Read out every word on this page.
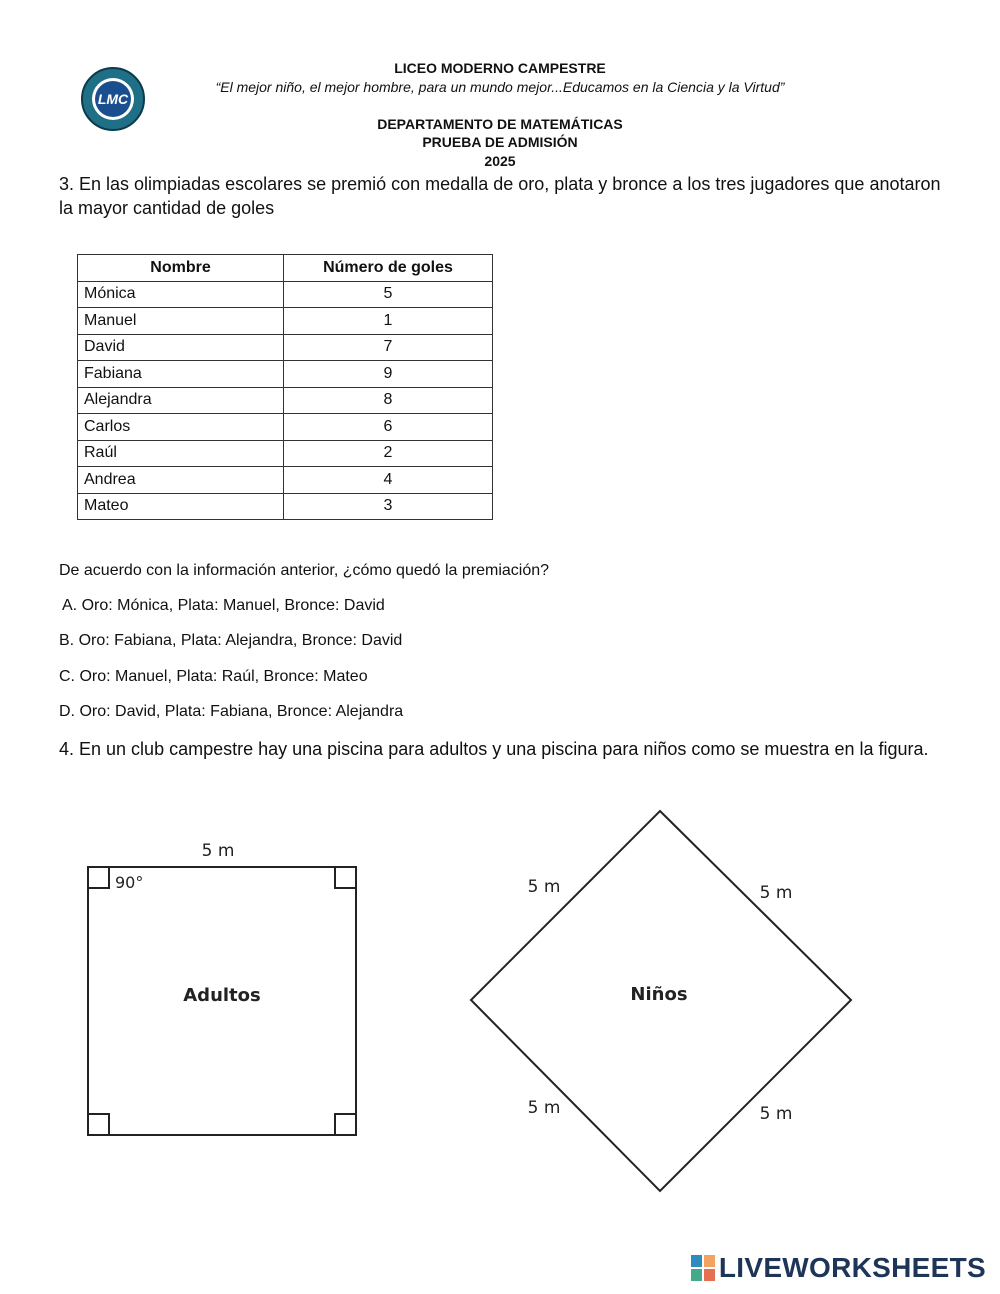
LMC
LICEO MODERNO CAMPESTRE
“El mejor niño, el mejor hombre, para un mundo mejor...Educamos en la Ciencia y la Virtud”
DEPARTAMENTO DE MATEMÁTICAS
PRUEBA DE ADMISIÓN
2025
3. En las olimpiadas escolares se premió con medalla de oro, plata y bronce a los tres jugadores que anotaron la mayor cantidad de goles
Nombre	Número de goles
Mónica	5
Manuel	1
David	7
Fabiana	9
Alejandra	8
Carlos	6
Raúl	2
Andrea	4
Mateo	3
De acuerdo con la información anterior, ¿cómo quedó la premiación?
A. Oro: Mónica, Plata: Manuel, Bronce: David
B. Oro: Fabiana, Plata: Alejandra, Bronce: David
C. Oro: Manuel, Plata: Raúl, Bronce: Mateo
D. Oro: David, Plata: Fabiana, Bronce: Alejandra
4. En un club campestre hay una piscina para adultos y una piscina para niños como se muestra en la figura.
5 m
90°
Adultos
5 m	5 m
5 m	5 m
Niños
LIVEWORKSHEETS
